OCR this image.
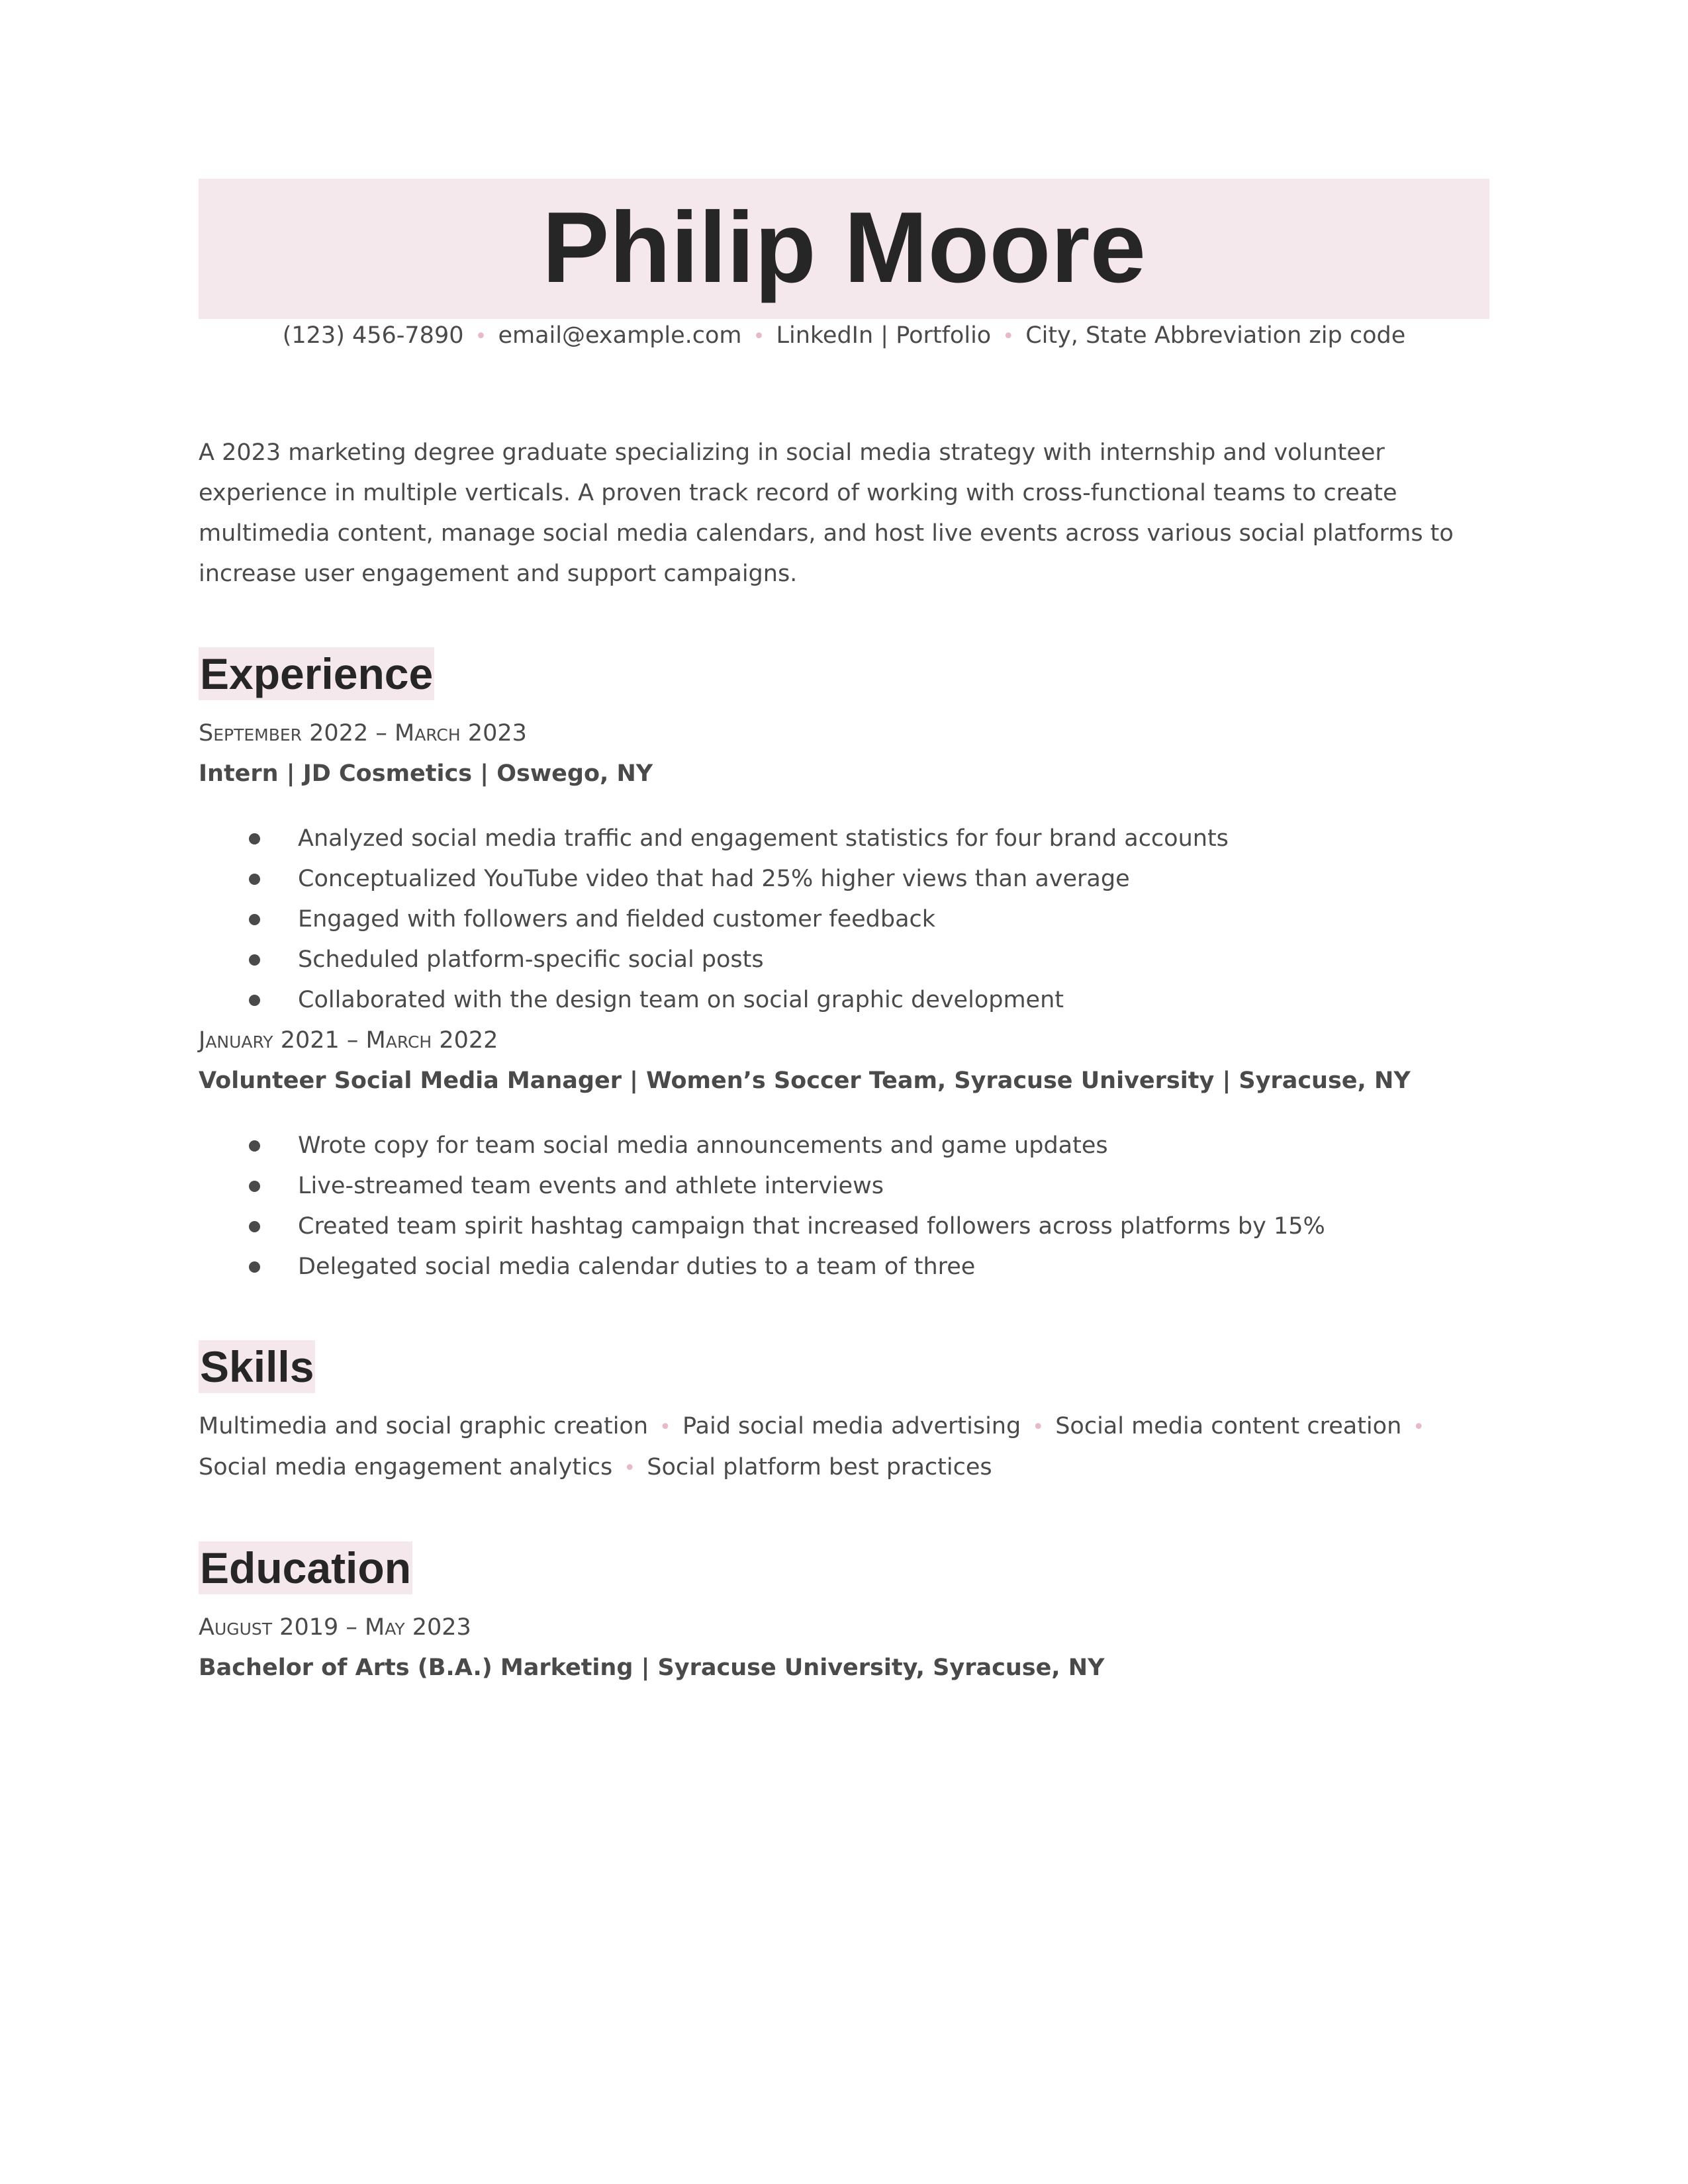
Philip Moore
(123) 456-7890 • email@example.com • LinkedIn | Portfolio • City, State Abbreviation zip code
A 2023 marketing degree graduate specializing in social media strategy with internship and volunteer experience in multiple verticals. A proven track record of working with cross-functional teams to create multimedia content, manage social media calendars, and host live events across various social platforms to increase user engagement and support campaigns.
Experience
September 2022 – March 2023
Intern | JD Cosmetics | Oswego, NY
Analyzed social media traffic and engagement statistics for four brand accounts
Conceptualized YouTube video that had 25% higher views than average
Engaged with followers and fielded customer feedback
Scheduled platform-specific social posts
Collaborated with the design team on social graphic development
January 2021 – March 2022
Volunteer Social Media Manager | Women’s Soccer Team, Syracuse University | Syracuse, NY
Wrote copy for team social media announcements and game updates
Live-streamed team events and athlete interviews
Created team spirit hashtag campaign that increased followers across platforms by 15%
Delegated social media calendar duties to a team of three
Skills
Multimedia and social graphic creation • Paid social media advertising • Social media content creation • Social media engagement analytics • Social platform best practices
Education
August 2019 – May 2023
Bachelor of Arts (B.A.) Marketing | Syracuse University, Syracuse, NY
